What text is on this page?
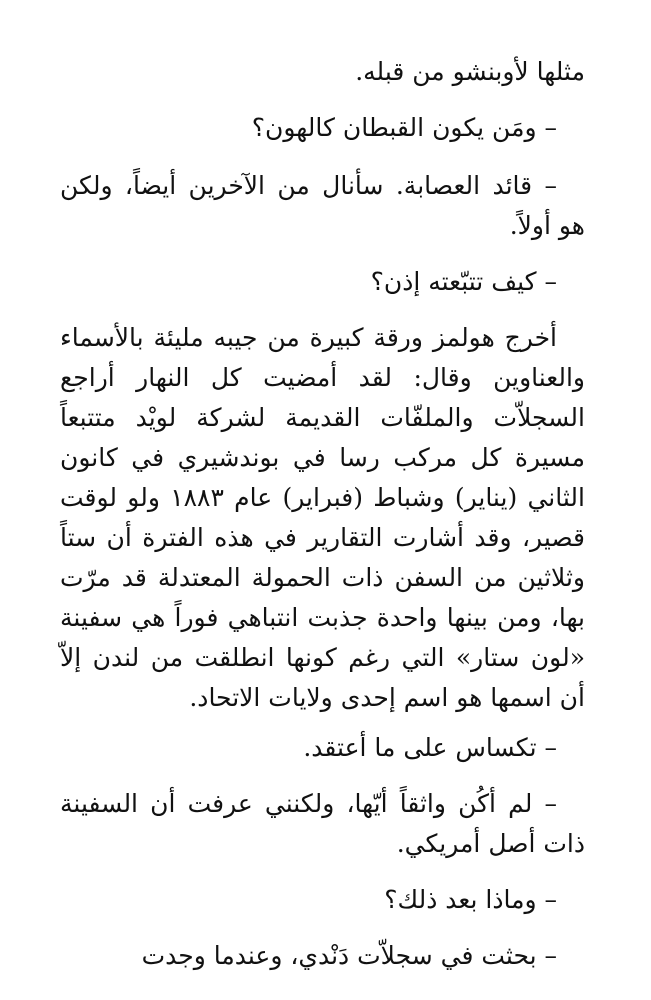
مثلها لأوبنشو من قبله.

– ومَن يكون القبطان كالهون؟

– قائد العصابة. سأنال من الآخرين أيضاً، ولكن هو أولاً.

– كيف تتبّعته إذن؟

أخرج هولمز ورقة كبيرة من جيبه مليئة بالأسماء والعناوين وقال: لقد أمضيت كل النهار أراجع السجلاّت والملفّات القديمة لشركة لويْد متتبعاً مسيرة كل مركب رسا في بوندشيري في كانون الثاني (يناير) وشباط (فبراير) عام ١٨٨٣ ولو لوقت قصير، وقد أشارت التقارير في هذه الفترة أن ستاً وثلاثين من السفن ذات الحمولة المعتدلة قد مرّت بها، ومن بينها واحدة جذبت انتباهي فوراً هي سفينة «لون ستار» التي رغم كونها انطلقت من لندن إلاّ أن اسمها هو اسم إحدى ولايات الاتحاد.

– تكساس على ما أعتقد.

– لم أكُن واثقاً أيّها، ولكنني عرفت أن السفينة ذات أصل أمريكي.

– وماذا بعد ذلك؟

– بحثت في سجلاّت دَنْدي، وعندما وجدت
